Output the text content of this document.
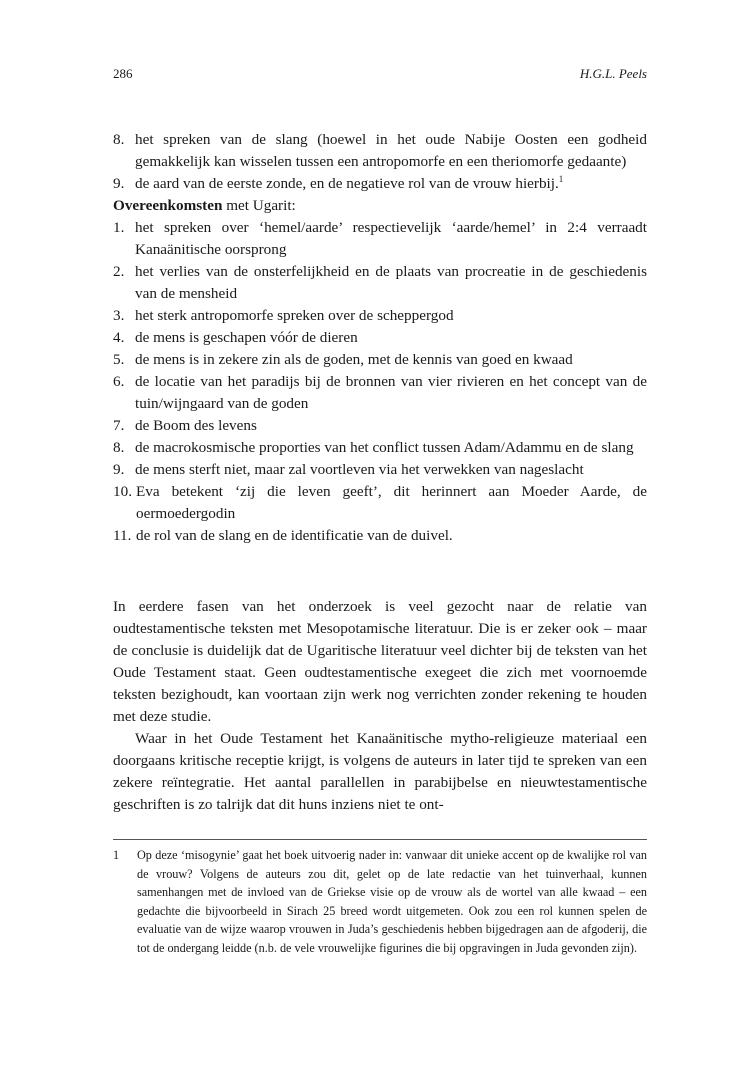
286	H.G.L. Peels
8. het spreken van de slang (hoewel in het oude Nabije Oosten een godheid gemakkelijk kan wisselen tussen een antropomorfe en een theriomorfe gedaante)
9. de aard van de eerste zonde, en de negatieve rol van de vrouw hierbij.$^1$
Overeenkomsten met Ugarit:
1. het spreken over ‘hemel/aarde’ respectievelijk ‘aarde/hemel’ in 2:4 verraadt Kanaänitische oorsprong
2. het verlies van de onsterfelijkheid en de plaats van procreatie in de geschiedenis van de mensheid
3. het sterk antropomorfe spreken over de scheppergod
4. de mens is geschapen vóór de dieren
5. de mens is in zekere zin als de goden, met de kennis van goed en kwaad
6. de locatie van het paradijs bij de bronnen van vier rivieren en het concept van de tuin/wijngaard van de goden
7. de Boom des levens
8. de macrokosmische proporties van het conflict tussen Adam/Adammu en de slang
9. de mens sterft niet, maar zal voortleven via het verwekken van nageslacht
10. Eva betekent ‘zij die leven geeft’, dit herinnert aan Moeder Aarde, de oermoedergodin
11. de rol van de slang en de identificatie van de duivel.

In eerdere fasen van het onderzoek is veel gezocht naar de relatie van oudtestamentische teksten met Mesopotamische literatuur. Die is er zeker ook – maar de conclusie is duidelijk dat de Ugaritische literatuur veel dichter bij de teksten van het Oude Testament staat. Geen oudtestamentische exegeet die zich met voornoemde teksten bezighoudt, kan voortaan zijn werk nog verrichten zonder rekening te houden met deze studie.

Waar in het Oude Testament het Kanaänitische mytho-religieuze materiaal een doorgaans kritische receptie krijgt, is volgens de auteurs in later tijd te spreken van een zekere reïntegratie. Het aantal parallellen in parabijbelse en nieuwtestamentische geschriften is zo talrijk dat dit huns inziens niet te ont-

1 Op deze ‘misogynie’ gaat het boek uitvoerig nader in: vanwaar dit unieke accent op de kwalijke rol van de vrouw? Volgens de auteurs zou dit, gelet op de late redactie van het tuinverhaal, kunnen samenhangen met de invloed van de Griekse visie op de vrouw als de wortel van alle kwaad – een gedachte die bijvoorbeeld in Sirach 25 breed wordt uitgemeten. Ook zou een rol kunnen spelen de evaluatie van de wijze waarop vrouwen in Juda’s geschiedenis hebben bijgedragen aan de afgoderij, die tot de ondergang leidde (n.b. de vele vrouwelijke figurines die bij opgravingen in Juda gevonden zijn).
